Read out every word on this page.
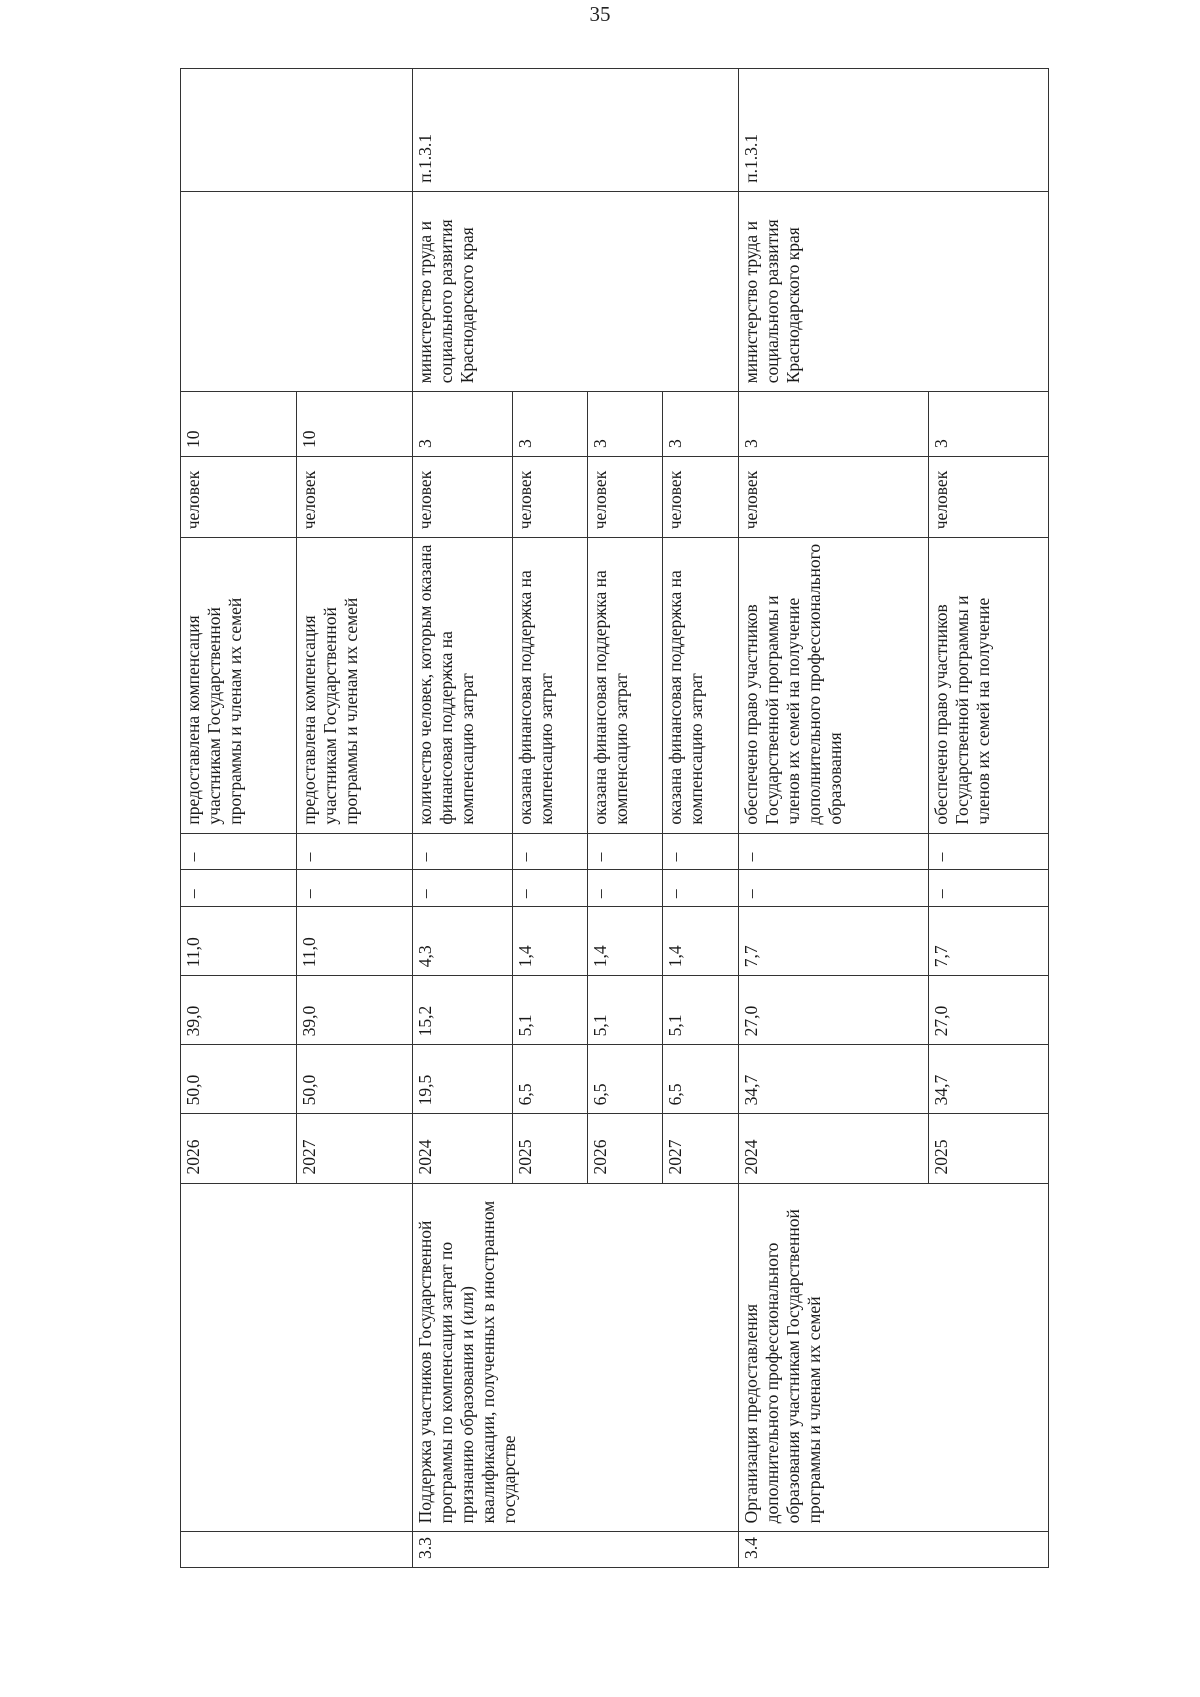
35
		2026	50,0	39,0	11,0	–	–	предоставлена компенсация участникам Государственной программы и членам их семей	человек	10		
		2027	50,0	39,0	11,0	–	–	предоставлена компенсация участникам Государственной программы и членам их семей	человек	10		
3.3	Поддержка участников Государственной программы по компенсации затрат по признанию образования и (или) квалификации, полученных в иностранном государстве	2024	19,5	15,2	4,3	–	–	количество человек, которым оказана финансовая поддержка на компенсацию затрат	человек	3	министерство труда и социального развития Краснодарского края	п.1.3.1
		2025	6,5	5,1	1,4	–	–	оказана финансовая поддержка на компенсацию затрат	человек	3		
		2026	6,5	5,1	1,4	–	–	оказана финансовая поддержка на компенсацию затрат	человек	3		
		2027	6,5	5,1	1,4	–	–	оказана финансовая поддержка на компенсацию затрат	человек	3		
3.4	Организация предоставления дополнительного профессионального образования участникам Государственной программы и членам их семей	2024	34,7	27,0	7,7	–	–	обеспечено право участников Государственной программы и членов их семей на получение дополнительного профессионального образования	человек	3	министерство труда и социального развития Краснодарского края	п.1.3.1
		2025	34,7	27,0	7,7	–	–	обеспечено право участников Государственной программы и членов их семей на получение	человек	3		
